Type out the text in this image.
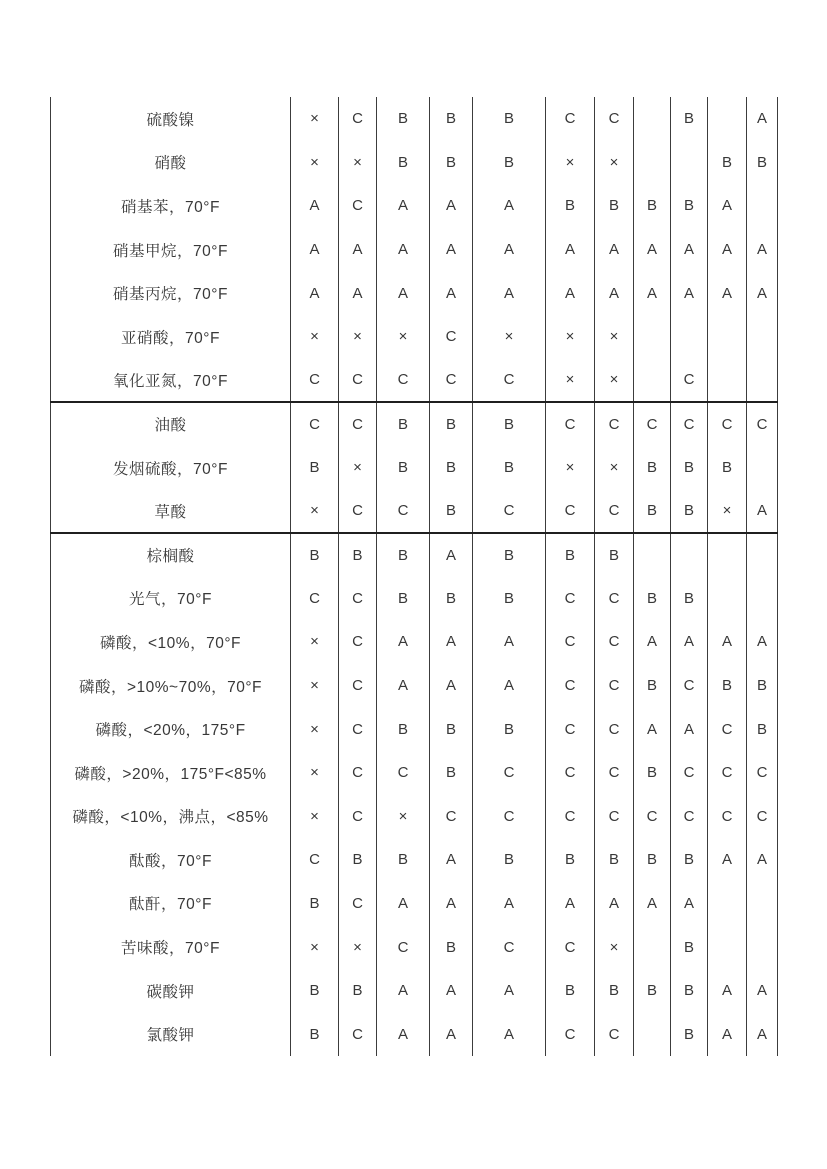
硫酸镍	×	C	B	B	B	C	C		B		A
硝酸	×	×	B	B	B	×	×			B	B
硝基苯，70°F	A	C	A	A	A	B	B	B	B	A	
硝基甲烷，70°F	A	A	A	A	A	A	A	A	A	A	A
硝基丙烷，70°F	A	A	A	A	A	A	A	A	A	A	A
亚硝酸，70°F	×	×	×	C	×	×	×				
氧化亚氮，70°F	C	C	C	C	C	×	×		C		
油酸	C	C	B	B	B	C	C	C	C	C	C
发烟硫酸，70°F	B	×	B	B	B	×	×	B	B	B	
草酸	×	C	C	B	C	C	C	B	B	×	A
棕榈酸	B	B	B	A	B	B	B				
光气，70°F	C	C	B	B	B	C	C	B	B		
磷酸，<10%，70°F	×	C	A	A	A	C	C	A	A	A	A
磷酸，>10%~70%，70°F	×	C	A	A	A	C	C	B	C	B	B
磷酸，<20%，175°F	×	C	B	B	B	C	C	A	A	C	B
磷酸，>20%，175°F<85%	×	C	C	B	C	C	C	B	C	C	C
磷酸，<10%，沸点，<85%	×	C	×	C	C	C	C	C	C	C	C
酞酸，70°F	C	B	B	A	B	B	B	B	B	A	A
酞酐，70°F	B	C	A	A	A	A	A	A	A		
苦味酸，70°F	×	×	C	B	C	C	×		B		
碳酸钾	B	B	A	A	A	B	B	B	B	A	A
氯酸钾	B	C	A	A	A	C	C		B	A	A
